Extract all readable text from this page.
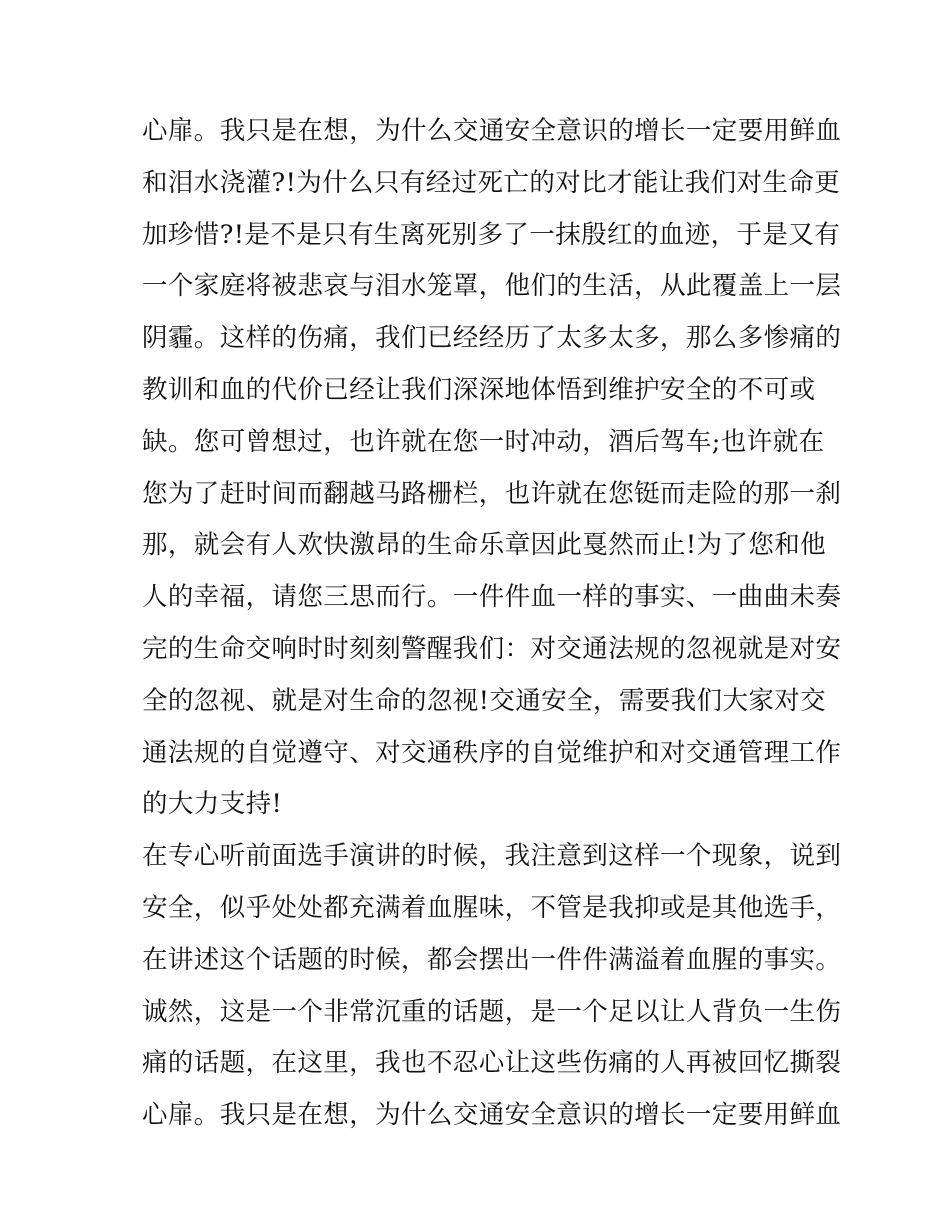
心扉。我只是在想，为什么交通安全意识的增长一定要用鲜血
和泪水浇灌?!为什么只有经过死亡的对比才能让我们对生命更
加珍惜?!是不是只有生离死别多了一抹殷红的血迹，于是又有
一个家庭将被悲哀与泪水笼罩，他们的生活，从此覆盖上一层
阴霾。这样的伤痛，我们已经经历了太多太多，那么多惨痛的
教训和血的代价已经让我们深深地体悟到维护安全的不可或
缺。您可曾想过，也许就在您一时冲动，酒后驾车;也许就在
您为了赶时间而翻越马路栅栏，也许就在您铤而走险的那一刹
那，就会有人欢快激昂的生命乐章因此戛然而止!为了您和他
人的幸福，请您三思而行。一件件血一样的事实、一曲曲未奏
完的生命交响时时刻刻警醒我们：对交通法规的忽视就是对安
全的忽视、就是对生命的忽视!交通安全，需要我们大家对交
通法规的自觉遵守、对交通秩序的自觉维护和对交通管理工作
的大力支持!
在专心听前面选手演讲的时候，我注意到这样一个现象，说到
安全，似乎处处都充满着血腥味，不管是我抑或是其他选手，
在讲述这个话题的时候，都会摆出一件件满溢着血腥的事实。
诚然，这是一个非常沉重的话题，是一个足以让人背负一生伤
痛的话题，在这里，我也不忍心让这些伤痛的人再被回忆撕裂
心扉。我只是在想，为什么交通安全意识的增长一定要用鲜血
